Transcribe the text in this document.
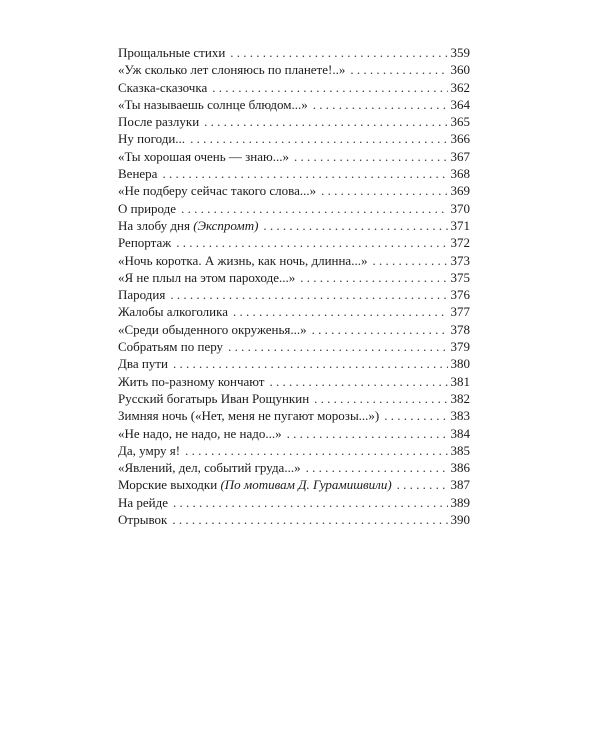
Прощальные стихи . . .	359
«Уж сколько лет слоняюсь по планете!..» . . .	360
Сказка-сказочка . . .	362
«Ты называешь солнце блюдом...» . . .	364
После разлуки . . .	365
Ну погоди... . . .	366
«Ты хорошая очень — знаю...» . . .	367
Венера . . .	368
«Не подберу сейчас такого слова...» . . .	369
О природе . . .	370
На злобу дня (Экспромт) . . .	371
Репортаж . . .	372
«Ночь коротка. А жизнь, как ночь, длинна...» . . .	373
«Я не плыл на этом пароходе...» . . .	375
Пародия . . .	376
Жалобы алкоголика . . .	377
«Среди обыденного окруженья...» . . .	378
Собратьям по перу . . .	379
Два пути . . .	380
Жить по-разному кончают . . .	381
Русский богатырь Иван Рощункин . . .	382
Зимняя ночь («Нет, меня не пугают морозы...») . . .	383
«Не надо, не надо, не надо...» . . .	384
Да, умру я! . . .	385
«Явлений, дел, событий груда...» . . .	386
Морские выходки (По мотивам Д. Гурамишвили) . . .	387
На рейде . . .	389
Отрывок . . .	390
